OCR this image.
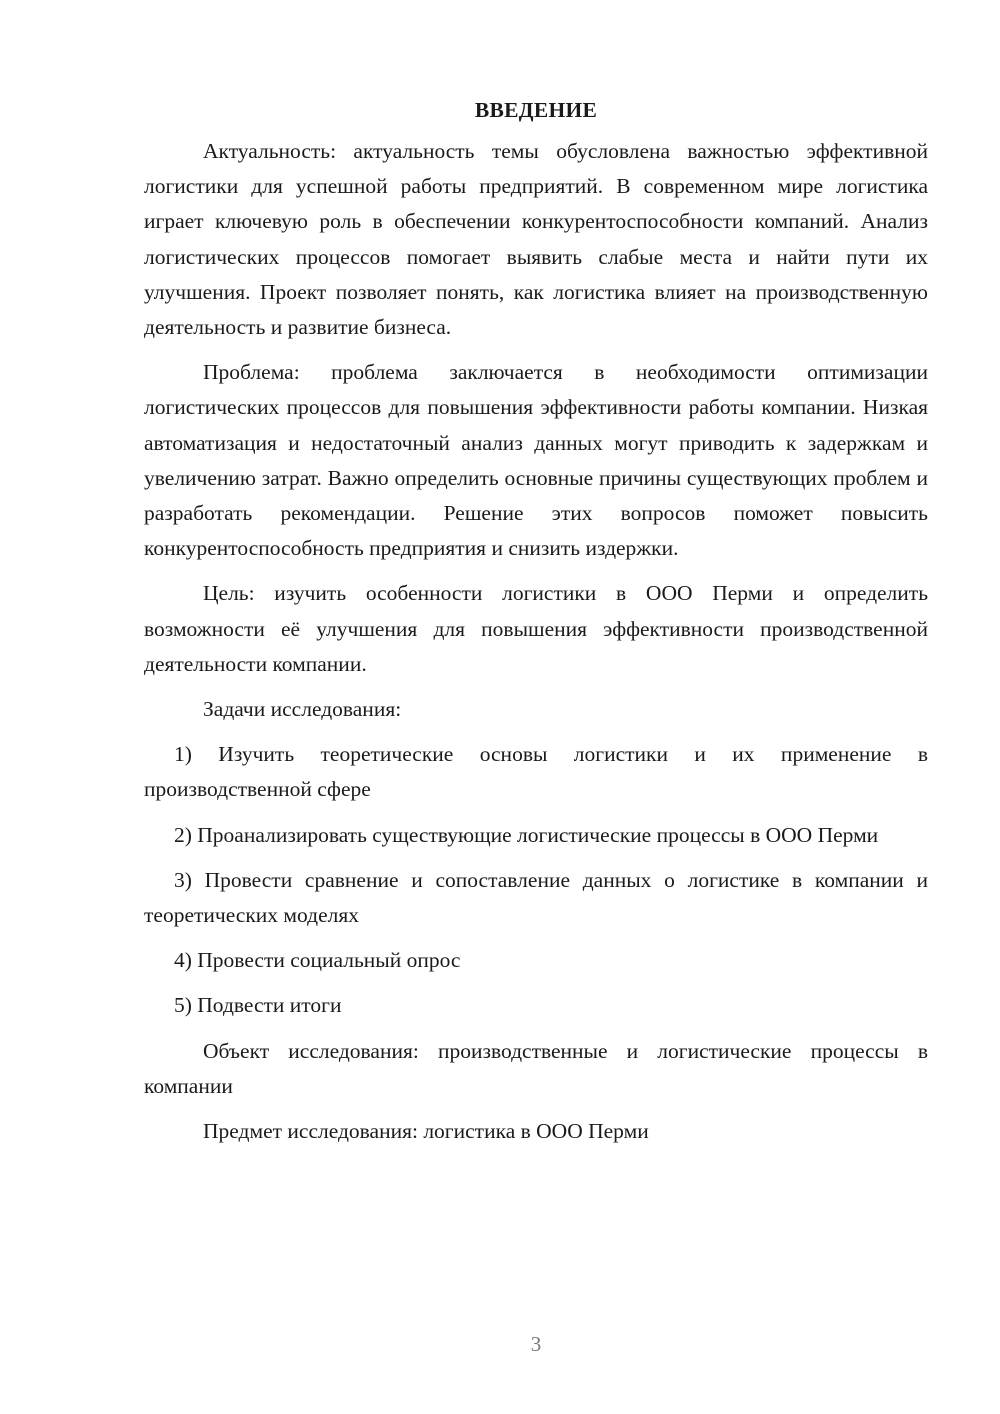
ВВЕДЕНИЕ

Актуальность: актуальность темы обусловлена важностью эффективной логистики для успешной работы предприятий. В современном мире логистика играет ключевую роль в обеспечении конкурентоспособности компаний. Анализ логистических процессов помогает выявить слабые места и найти пути их улучшения. Проект позволяет понять, как логистика влияет на производственную деятельность и развитие бизнеса.

Проблема: проблема заключается в необходимости оптимизации логистических процессов для повышения эффективности работы компании. Низкая автоматизация и недостаточный анализ данных могут приводить к задержкам и увеличению затрат. Важно определить основные причины существующих проблем и разработать рекомендации. Решение этих вопросов поможет повысить конкурентоспособность предприятия и снизить издержки.

Цель: изучить особенности логистики в ООО Перми и определить возможности её улучшения для повышения эффективности производственной деятельности компании.

Задачи исследования:

1) Изучить теоретические основы логистики и их применение в производственной сфере

2) Проанализировать существующие логистические процессы в ООО Перми

3) Провести сравнение и сопоставление данных о логистике в компании и теоретических моделях

4) Провести социальный опрос

5) Подвести итоги

Объект исследования: производственные и логистические процессы в компании

Предмет исследования: логистика в ООО Перми

3
